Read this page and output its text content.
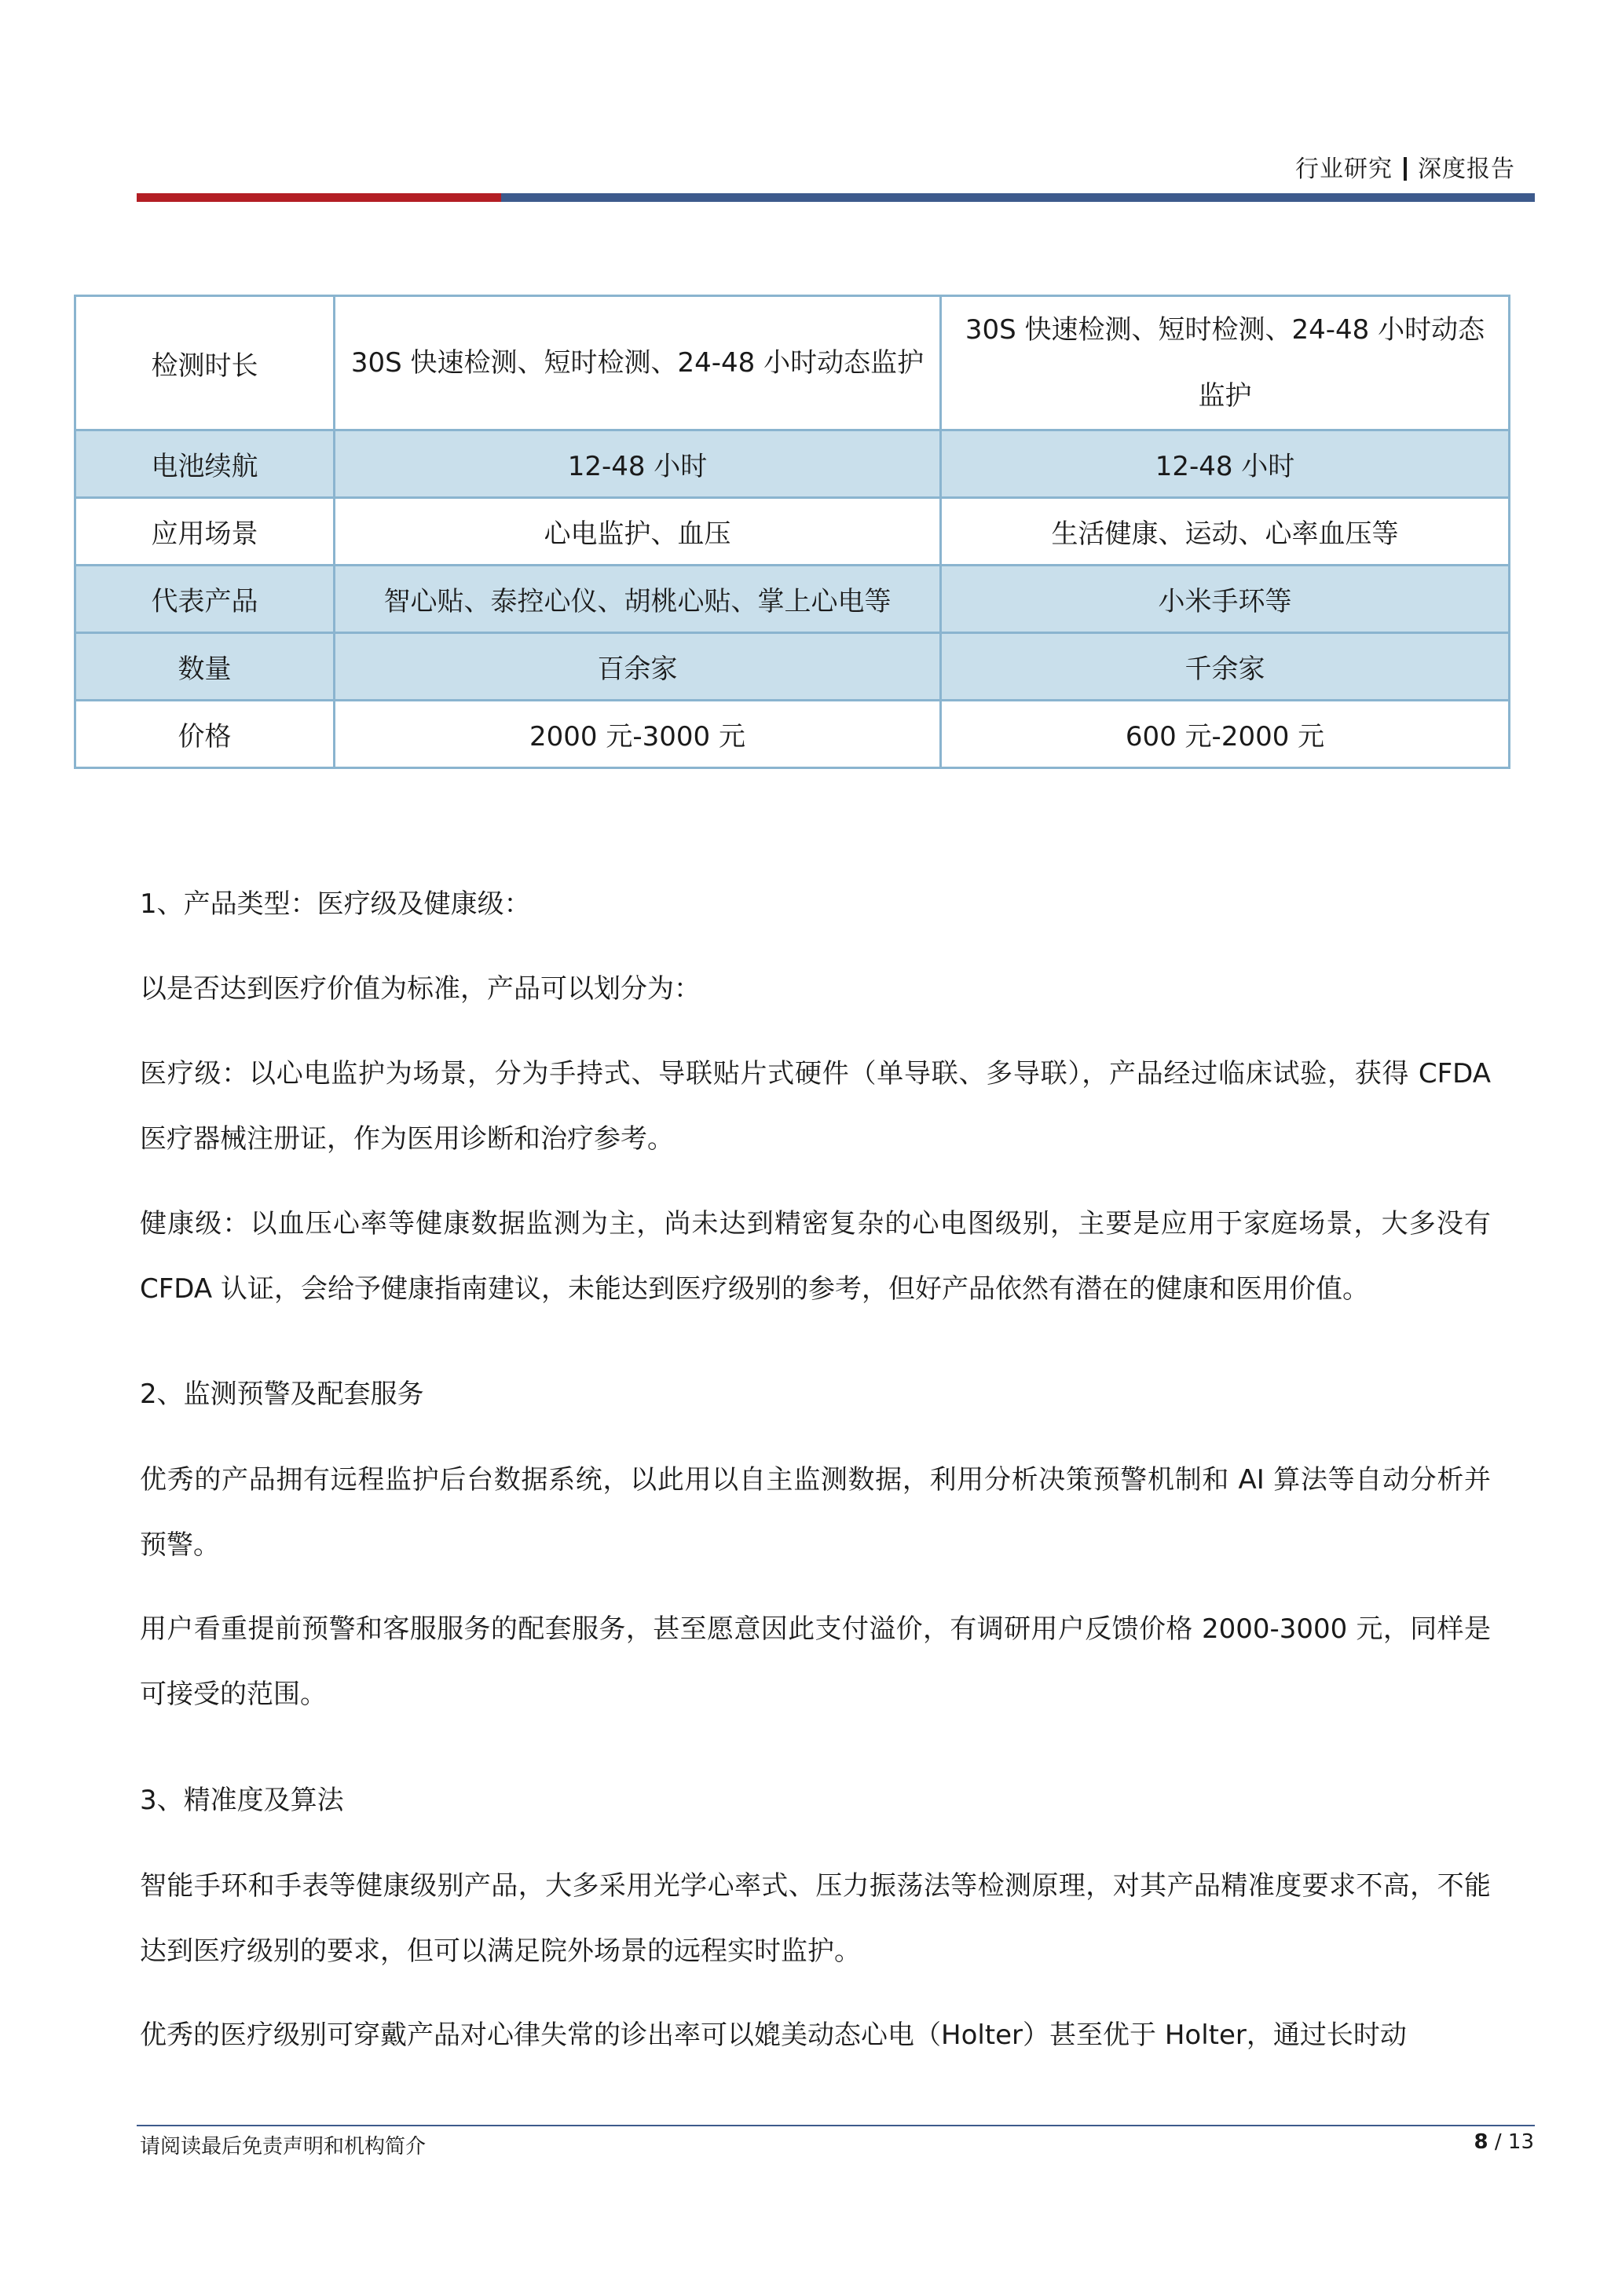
行业研究 深度报告
检测时长	30S 快速检测、短时检测、24-48 小时动态监护	30S 快速检测、短时检测、24-48 小时动态监护
电池续航	12-48 小时	12-48 小时
应用场景	心电监护、血压	生活健康、运动、心率血压等
代表产品	智心贴、泰控心仪、胡桃心贴、掌上心电等	小米手环等
数量	百余家	千余家
价格	2000 元-3000 元	600 元-2000 元

1、产品类型：医疗级及健康级：

以是否达到医疗价值为标准，产品可以划分为：

医疗级：以心电监护为场景，分为手持式、导联贴片式硬件（单导联、多导联），产品经过临床试验，获得 CFDA 医疗器械注册证，作为医用诊断和治疗参考。

健康级：以血压心率等健康数据监测为主，尚未达到精密复杂的心电图级别，主要是应用于家庭场景，大多没有 CFDA 认证，会给予健康指南建议，未能达到医疗级别的参考，但好产品依然有潜在的健康和医用价值。

2、监测预警及配套服务

优秀的产品拥有远程监护后台数据系统，以此用以自主监测数据，利用分析决策预警机制和 AI 算法等自动分析并预警。

用户看重提前预警和客服服务的配套服务，甚至愿意因此支付溢价，有调研用户反馈价格 2000-3000 元，同样是可接受的范围。

3、精准度及算法

智能手环和手表等健康级别产品，大多采用光学心率式、压力振荡法等检测原理，对其产品精准度要求不高，不能达到医疗级别的要求，但可以满足院外场景的远程实时监护。

优秀的医疗级别可穿戴产品对心律失常的诊出率可以媲美动态心电（Holter）甚至优于 Holter，通过长时动

请阅读最后免责声明和机构简介	8 / 13
